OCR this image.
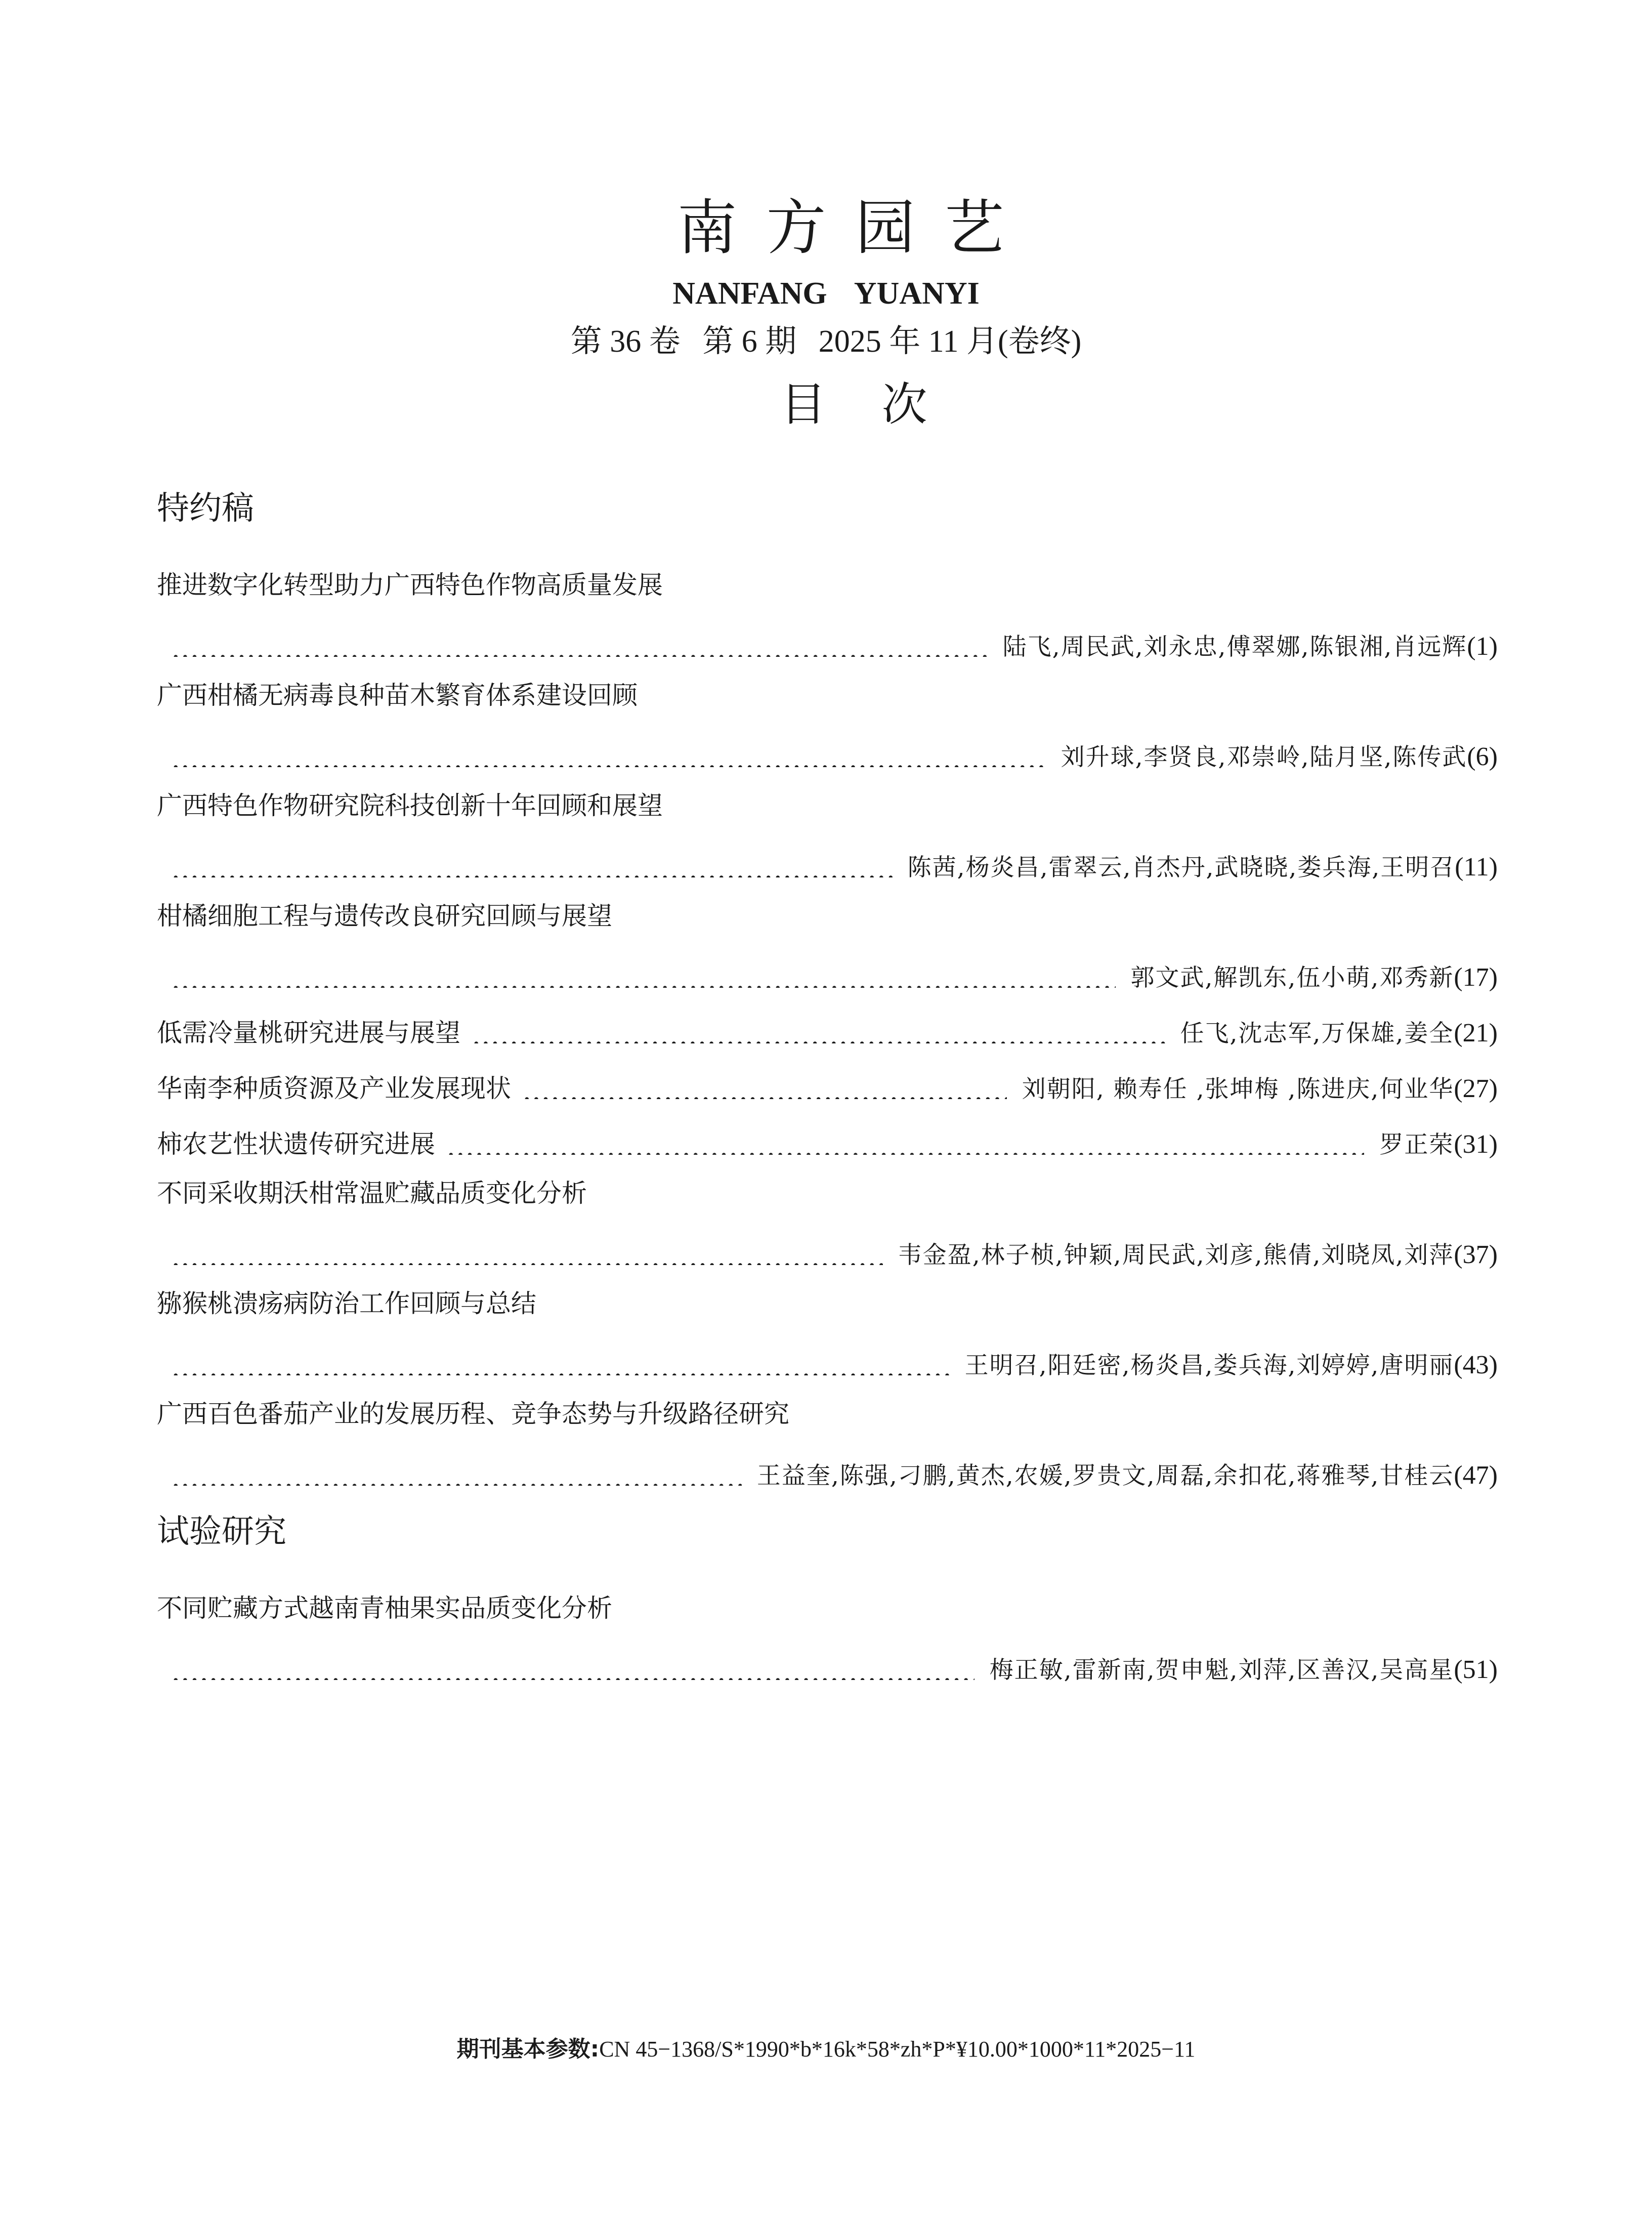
南方园艺
NANFANG YUANYI
第 36 卷 第 6 期 2025 年 11 月(卷终)
目次
特约稿
推进数字化转型助力广西特色作物高质量发展
陆飞,周民武,刘永忠,傅翠娜,陈银湘,肖远辉 (1)
广西柑橘无病毒良种苗木繁育体系建设回顾
刘升球,李贤良,邓崇岭,陆月坚,陈传武 (6)
广西特色作物研究院科技创新十年回顾和展望
陈茜,杨炎昌,雷翠云,肖杰丹,武晓晓,娄兵海,王明召 (11)
柑橘细胞工程与遗传改良研究回顾与展望
郭文武,解凯东,伍小萌,邓秀新 (17)
低需冷量桃研究进展与展望	任飞,沈志军,万保雄,姜全 (21)
华南李种质资源及产业发展现状	刘朝阳, 赖寿任 ,张坤梅 ,陈进庆,何业华 (27)
柿农艺性状遗传研究进展	罗正荣 (31)
不同采收期沃柑常温贮藏品质变化分析
韦金盈,林子桢,钟颖,周民武,刘彦,熊倩,刘晓凤,刘萍 (37)
猕猴桃溃疡病防治工作回顾与总结
王明召,阳廷密,杨炎昌,娄兵海,刘婷婷,唐明丽 (43)
广西百色番茄产业的发展历程、竞争态势与升级路径研究
王益奎,陈强,刁鹏,黄杰,农媛,罗贵文,周磊,余扣花,蒋雅琴,甘桂云 (47)
试验研究
不同贮藏方式越南青柚果实品质变化分析
梅正敏,雷新南,贺申魁,刘萍,区善汉,吴高星 (51)
期刊基本参数:CN 45−1368/S*1990*b*16k*58*zh*P*¥10.00*1000*11*2025−11
